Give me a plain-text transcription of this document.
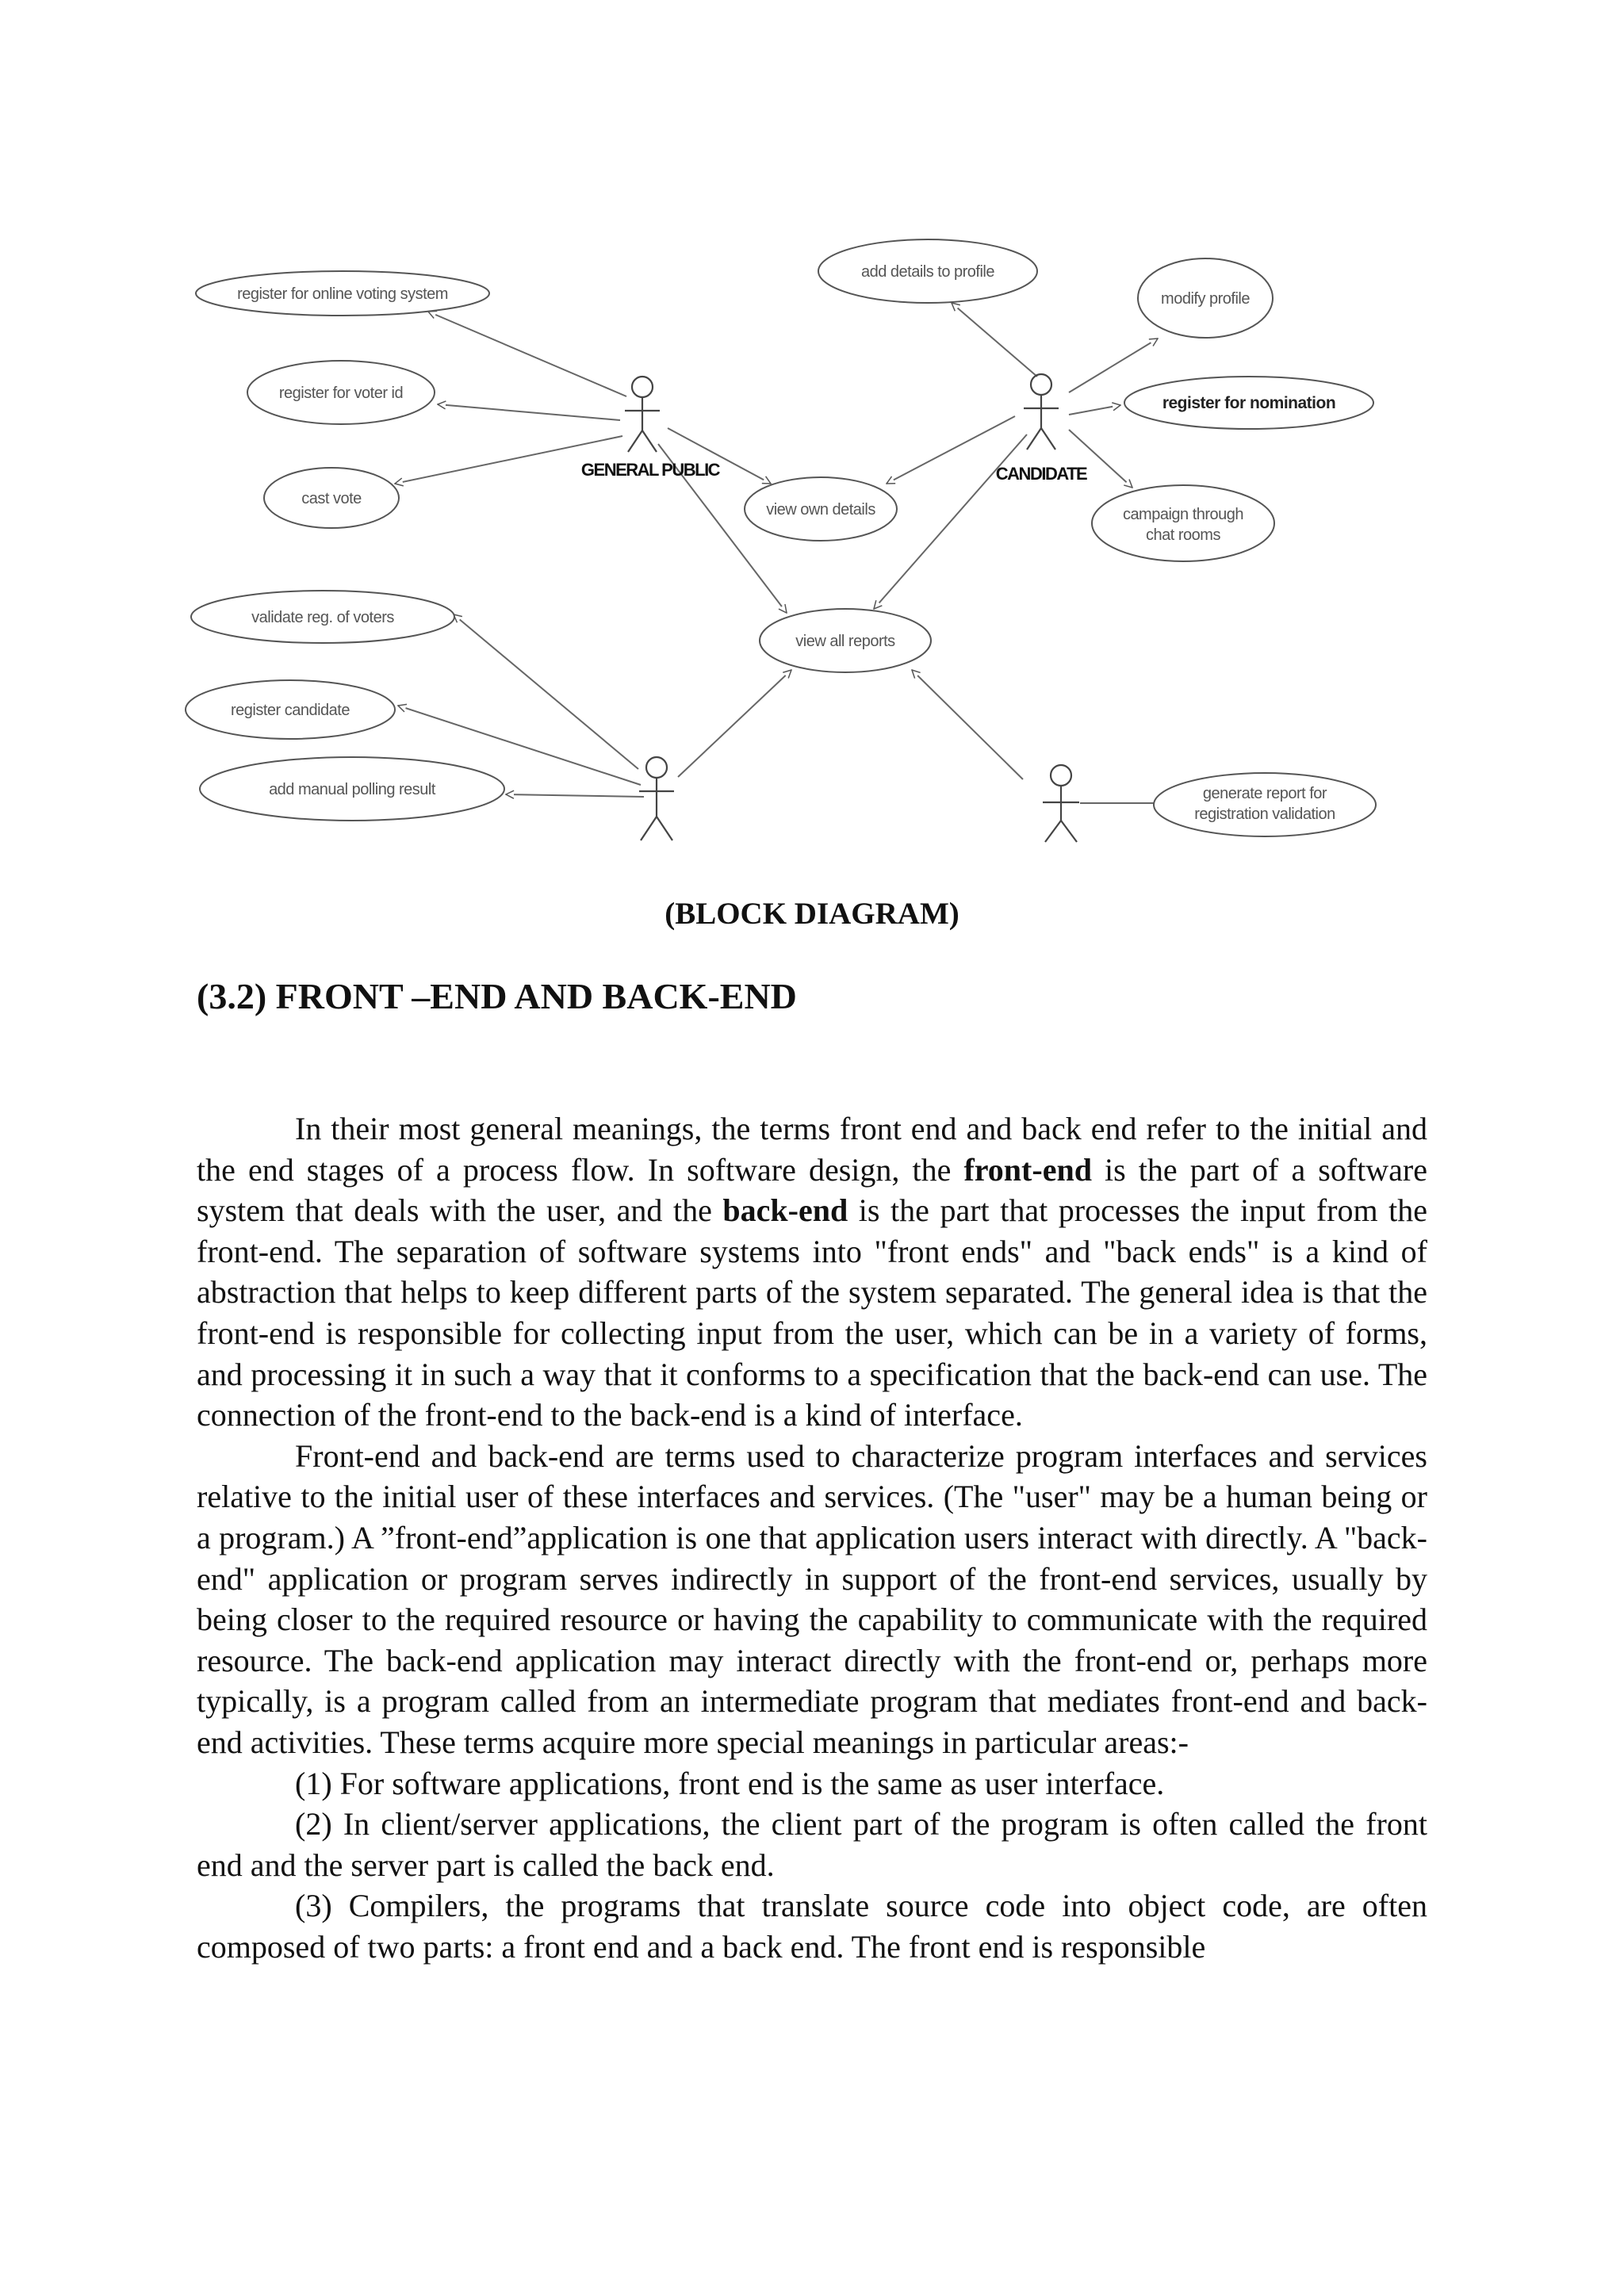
register for online voting system
register for voter id
cast vote
validate reg. of voters
register candidate
add manual polling result
add details to profile
modify profile
register for nomination
campaign through
chat rooms
view own details
view all reports
generate report for
registration validation
GENERAL PUBLIC	CANDIDATE
(BLOCK DIAGRAM)
(3.2) FRONT –END AND BACK-END

In their most general meanings, the terms front end and back end refer to the initial and the end stages of a process flow. In software design, the front-end is the part of a software system that deals with the user, and the back-end is the part that processes the input from the front-end. The separation of software systems into "front ends" and "back ends" is a kind of abstraction that helps to keep different parts of the system separated. The general idea is that the front-end is responsible for collecting input from the user, which can be in a variety of forms, and processing it in such a way that it conforms to a specification that the back-end can use. The connection of the front-end to the back-end is a kind of interface.

Front-end and back-end are terms used to characterize program interfaces and services relative to the initial user of these interfaces and services. (The "user" may be a human being or a program.) A ”front-end”application is one that application users interact with directly. A "back-end" application or program serves indirectly in support of the front-end services, usually by being closer to the required resource or having the capability to communicate with the required resource. The back-end application may interact directly with the front-end or, perhaps more typically, is a program called from an intermediate program that mediates front-end and back-end activities. These terms acquire more special meanings in particular areas:-

(1) For software applications, front end is the same as user interface.

(2) In client/server applications, the client part of the program is often called the front end and the server part is called the back end.

(3) Compilers, the programs that translate source code into object code, are often composed of two parts: a front end and a back end. The front end is responsible
